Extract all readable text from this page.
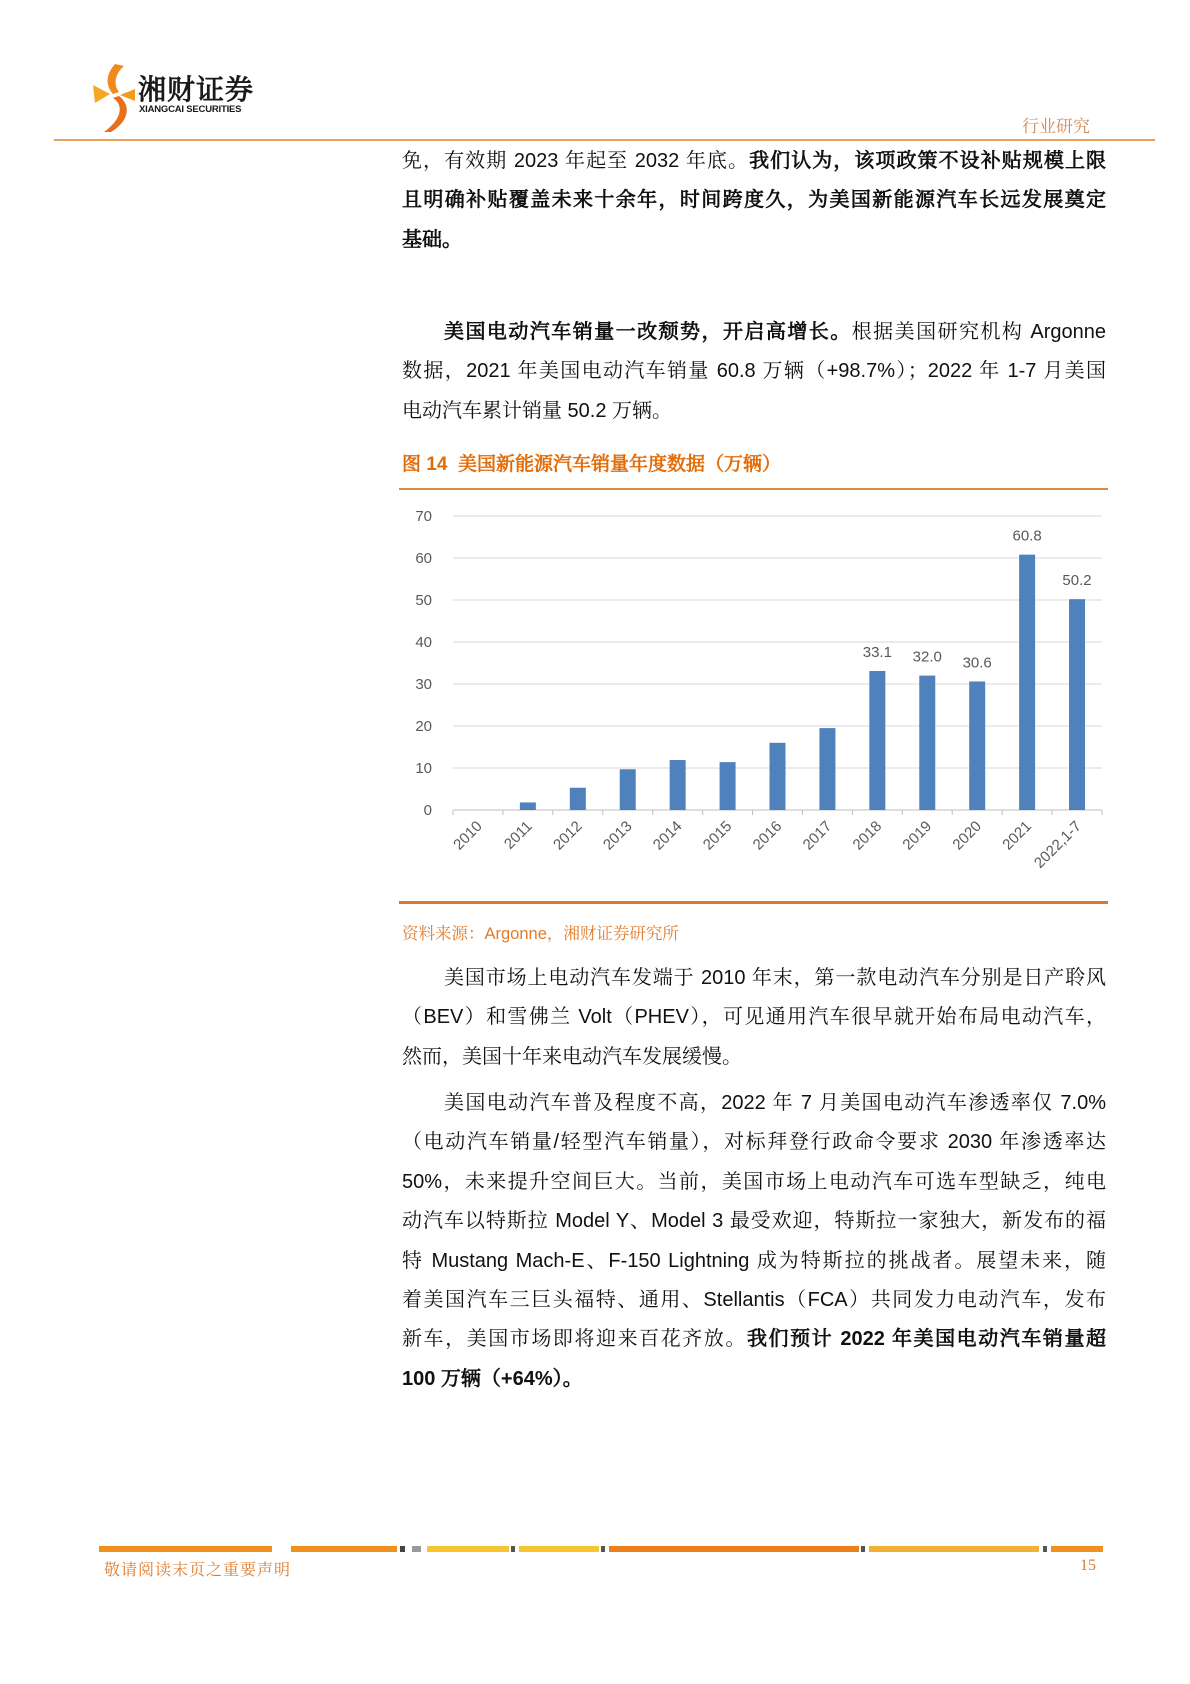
湘财证券
XIANGCAI SECURITIES
行业研究
免，有效期 2023 年起至 2032 年底。我们认为，该项政策不设补贴规模上限
且明确补贴覆盖未来十余年，时间跨度久，为美国新能源汽车长远发展奠定
基础。
美国电动汽车销量一改颓势，开启高增长。根据美国研究机构 Argonne
数据，2021 年美国电动汽车销量 60.8 万辆（+98.7%）；2022 年 1-7 月美国
电动汽车累计销量 50.2 万辆。
图 14  美国新能源汽车销量年度数据（万辆）
0
10
20
30
40
50
60
70
2010 2011 2012 2013 2014 2015 2016 2017
33.1
2018
32.0
2019
30.6
2020
60.8
2021
50.2
2022,1-7
资料来源：Argonne，湘财证券研究所
美国市场上电动汽车发端于 2010 年末，第一款电动汽车分别是日产聆风
（BEV）和雪佛兰 Volt（PHEV），可见通用汽车很早就开始布局电动汽车，
然而，美国十年来电动汽车发展缓慢。
美国电动汽车普及程度不高，2022 年 7 月美国电动汽车渗透率仅 7.0%
（电动汽车销量/轻型汽车销量），对标拜登行政命令要求 2030 年渗透率达
50%，未来提升空间巨大。当前，美国市场上电动汽车可选车型缺乏，纯电
动汽车以特斯拉 Model Y、Model 3 最受欢迎，特斯拉一家独大，新发布的福
特 Mustang Mach-E、F-150 Lightning 成为特斯拉的挑战者。展望未来，随
着美国汽车三巨头福特、通用、Stellantis（FCA）共同发力电动汽车，发布
新车，美国市场即将迎来百花齐放。我们预计 2022 年美国电动汽车销量超
100 万辆（+64%）。
敬请阅读末页之重要声明	15
